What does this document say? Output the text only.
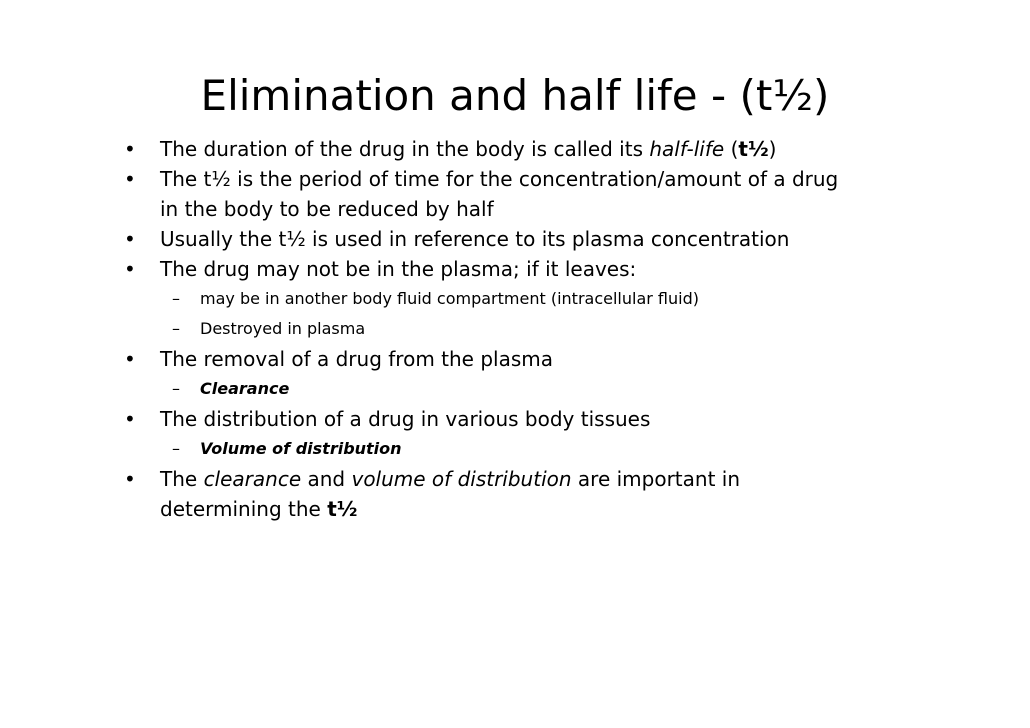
Elimination and half life - (t½)
• The duration of the drug in the body is called its half-life (t½)
• The t½ is the period of time for the concentration/amount of a drug
in the body to be reduced by half
• Usually the t½ is used in reference to its plasma concentration
• The drug may not be in the plasma; if it leaves:
– may be in another body fluid compartment (intracellular fluid)
– Destroyed in plasma
• The removal of a drug from the plasma
– Clearance
• The distribution of a drug in various body tissues
– Volume of distribution
• The clearance and volume of distribution are important in
determining the t½
